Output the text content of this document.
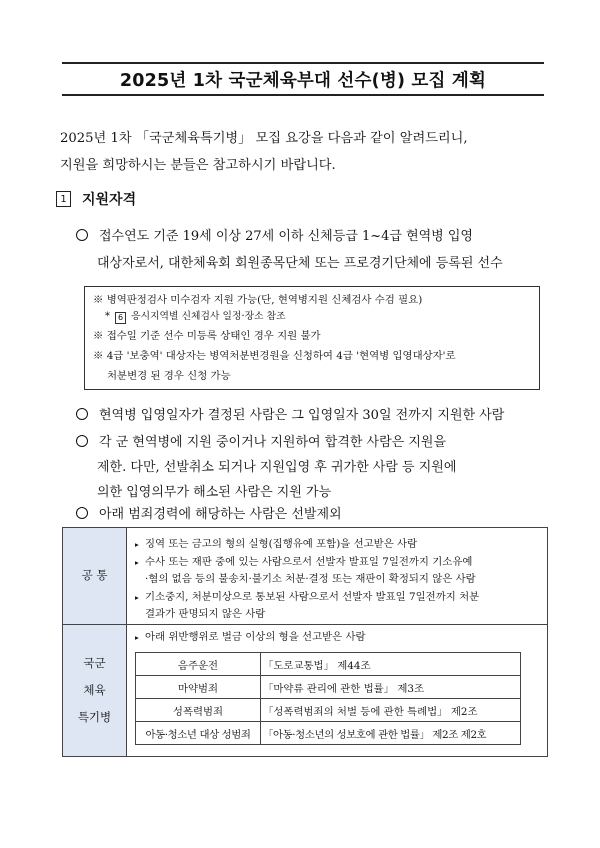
2025년 1차 국군체육부대 선수(병) 모집 계획
2025년 1차 「국군체육특기병」 모집 요강을 다음과 같이 알려드리니,
지원을 희망하시는 분들은 참고하시기 바랍니다.
1	지원자격
접수연도 기준 19세 이상 27세 이하 신체등급 1~4급 현역병 입영
대상자로서, 대한체육회 회원종목단체 또는 프로경기단체에 등록된 선수
※ 병역판정검사 미수검자 지원 가능(단, 현역병지원 신체검사 수검 필요)
* 6 응시지역별 신체검사 일정·장소 참조
※ 접수일 기준 선수 미등록 상태인 경우 지원 불가
※ 4급 '보충역' 대상자는 병역처분변경원을 신청하여 4급 '현역병 입영대상자'로
처분변경 된 경우 신청 가능
현역병 입영일자가 결정된 사람은 그 입영일자 30일 전까지 지원한 사람
각 군 현역병에 지원 중이거나 지원하여 합격한 사람은 지원을
제한. 다만, 선발취소 되거나 지원입영 후 귀가한 사람 등 지원에
의한 입영의무가 해소된 사람은 지원 가능
아래 범죄경력에 해당하는 사람은 선발제외
공 통	
▸ 징역 또는 금고의 형의 실형(집행유예 포함)을 선고받은 사람
▸ 수사 또는 재판 중에 있는 사람으로서 선발자 발표일 7일전까지 기소유예
·혐의 없음 등의 불송치·불기소 처분·결정 또는 재판이 확정되지 않은 사람
▸ 기소중지, 처분미상으로 통보된 사람으로서 선발자 발표일 7일전까지 처분
결과가 판명되지 않은 사람

국군
체육
특기병

▸ 아래 위반행위로 벌금 이상의 형을 선고받은 사람
음주운전	「도로교통법」 제44조
마약범죄	「마약류 관리에 관한 법률」 제3조
성폭력범죄	「성폭력범죄의 처벌 등에 관한 특례법」 제2조
아동·청소년 대상 성범죄	「아동·청소년의 성보호에 관한 법률」 제2조 제2호
